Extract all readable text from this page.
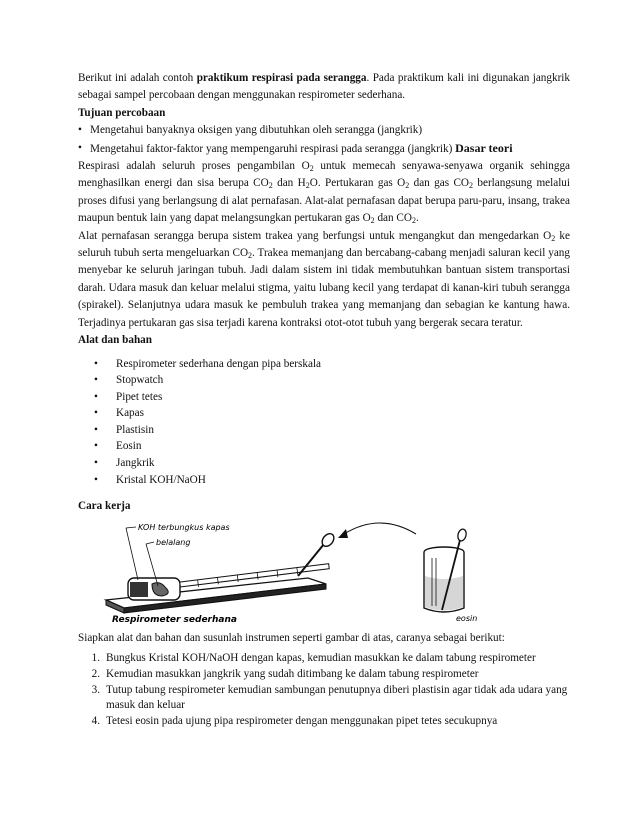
Berikut ini adalah contoh praktikum respirasi pada serangga. Pada praktikum kali ini digunakan jangkrik sebagai sampel percobaan dengan menggunakan respirometer sederhana.

Tujuan percobaan

• Mengetahui banyaknya oksigen yang dibutuhkan oleh serangga (jangkrik)
• Mengetahui faktor-faktor yang mempengaruhi respirasi pada serangga (jangkrik) Dasar teori

Respirasi adalah seluruh proses pengambilan $O_2$ untuk memecah senyawa-senyawa organik sehingga menghasilkan energi dan sisa berupa $CO_2$ dan $H_2O$. Pertukaran gas $O_2$ dan gas $CO_2$ berlangsung melalui proses difusi yang berlangsung di alat pernafasan. Alat-alat pernafasan dapat berupa paru-paru, insang, trakea maupun bentuk lain yang dapat melangsungkan pertukaran gas $O_2$ dan $CO_2$.

Alat pernafasan serangga berupa sistem trakea yang berfungsi untuk mengangkut dan mengedarkan $O_2$ ke seluruh tubuh serta mengeluarkan $CO_2$. Trakea memanjang dan bercabang-cabang menjadi saluran kecil yang menyebar ke seluruh jaringan tubuh. Jadi dalam sistem ini tidak membutuhkan bantuan sistem transportasi darah. Udara masuk dan keluar melalui stigma, yaitu lubang kecil yang terdapat di kanan-kiri tubuh serangga (spirakel). Selanjutnya udara masuk ke pembuluh trakea yang memanjang dan sebagian ke kantung hawa. Terjadinya pertukaran gas sisa terjadi karena kontraksi otot-otot tubuh yang bergerak secara teratur.

Alat dan bahan

• Respirometer sederhana dengan pipa berskala
• Stopwatch
• Pipet tetes
• Kapas
• Plastisin
• Eosin
• Jangkrik
• Kristal KOH/NaOH

Cara kerja

KOH terbungkus kapas
belalang
Respirometer sederhana	eosin

Siapkan alat dan bahan dan susunlah instrumen seperti gambar di atas, caranya sebagai berikut:

1. Bungkus Kristal KOH/NaOH dengan kapas, kemudian masukkan ke dalam tabung respirometer
2. Kemudian masukkan jangkrik yang sudah ditimbang ke dalam tabung respirometer
3. Tutup tabung respirometer kemudian sambungan penutupnya diberi plastisin agar tidak ada udara yang masuk dan keluar
4. Tetesi eosin pada ujung pipa respirometer dengan menggunakan pipet tetes secukupnya
